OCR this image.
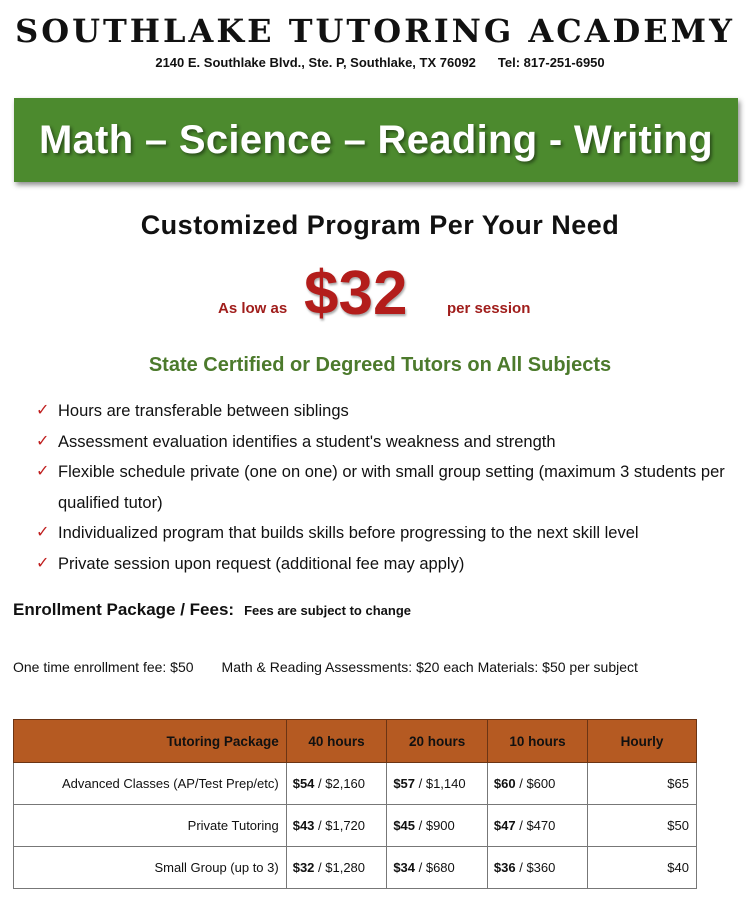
SOUTHLAKE TUTORING ACADEMY
2140 E. Southlake Blvd., Ste. P, Southlake, TX 76092 Tel: 817-251-6950
Math – Science – Reading - Writing
Customized Program Per Your Need
As low as $32	per session
State Certified or Degreed Tutors on All Subjects
✓ Hours are transferable between siblings
✓ Assessment evaluation identifies a student's weakness and strength
✓ Flexible schedule private (one on one) or with small group setting (maximum 3 students per qualified tutor)
✓ Individualized program that builds skills before progressing to the next skill level
✓ Private session upon request (additional fee may apply)
Enrollment Package / Fees: Fees are subject to change
One time enrollment fee: $50 Math & Reading Assessments: $20 each Materials: $50 per subject
Tutoring Package	40 hours	20 hours	10 hours	Hourly
Advanced Classes (AP/Test Prep/etc)	$54 / $2,160	$57 / $1,140	$60 / $600	$65
Private Tutoring	$43 / $1,720	$45 / $900	$47 / $470	$50
Small Group (up to 3)	$32 / $1,280	$34 / $680	$36 / $360	$40
